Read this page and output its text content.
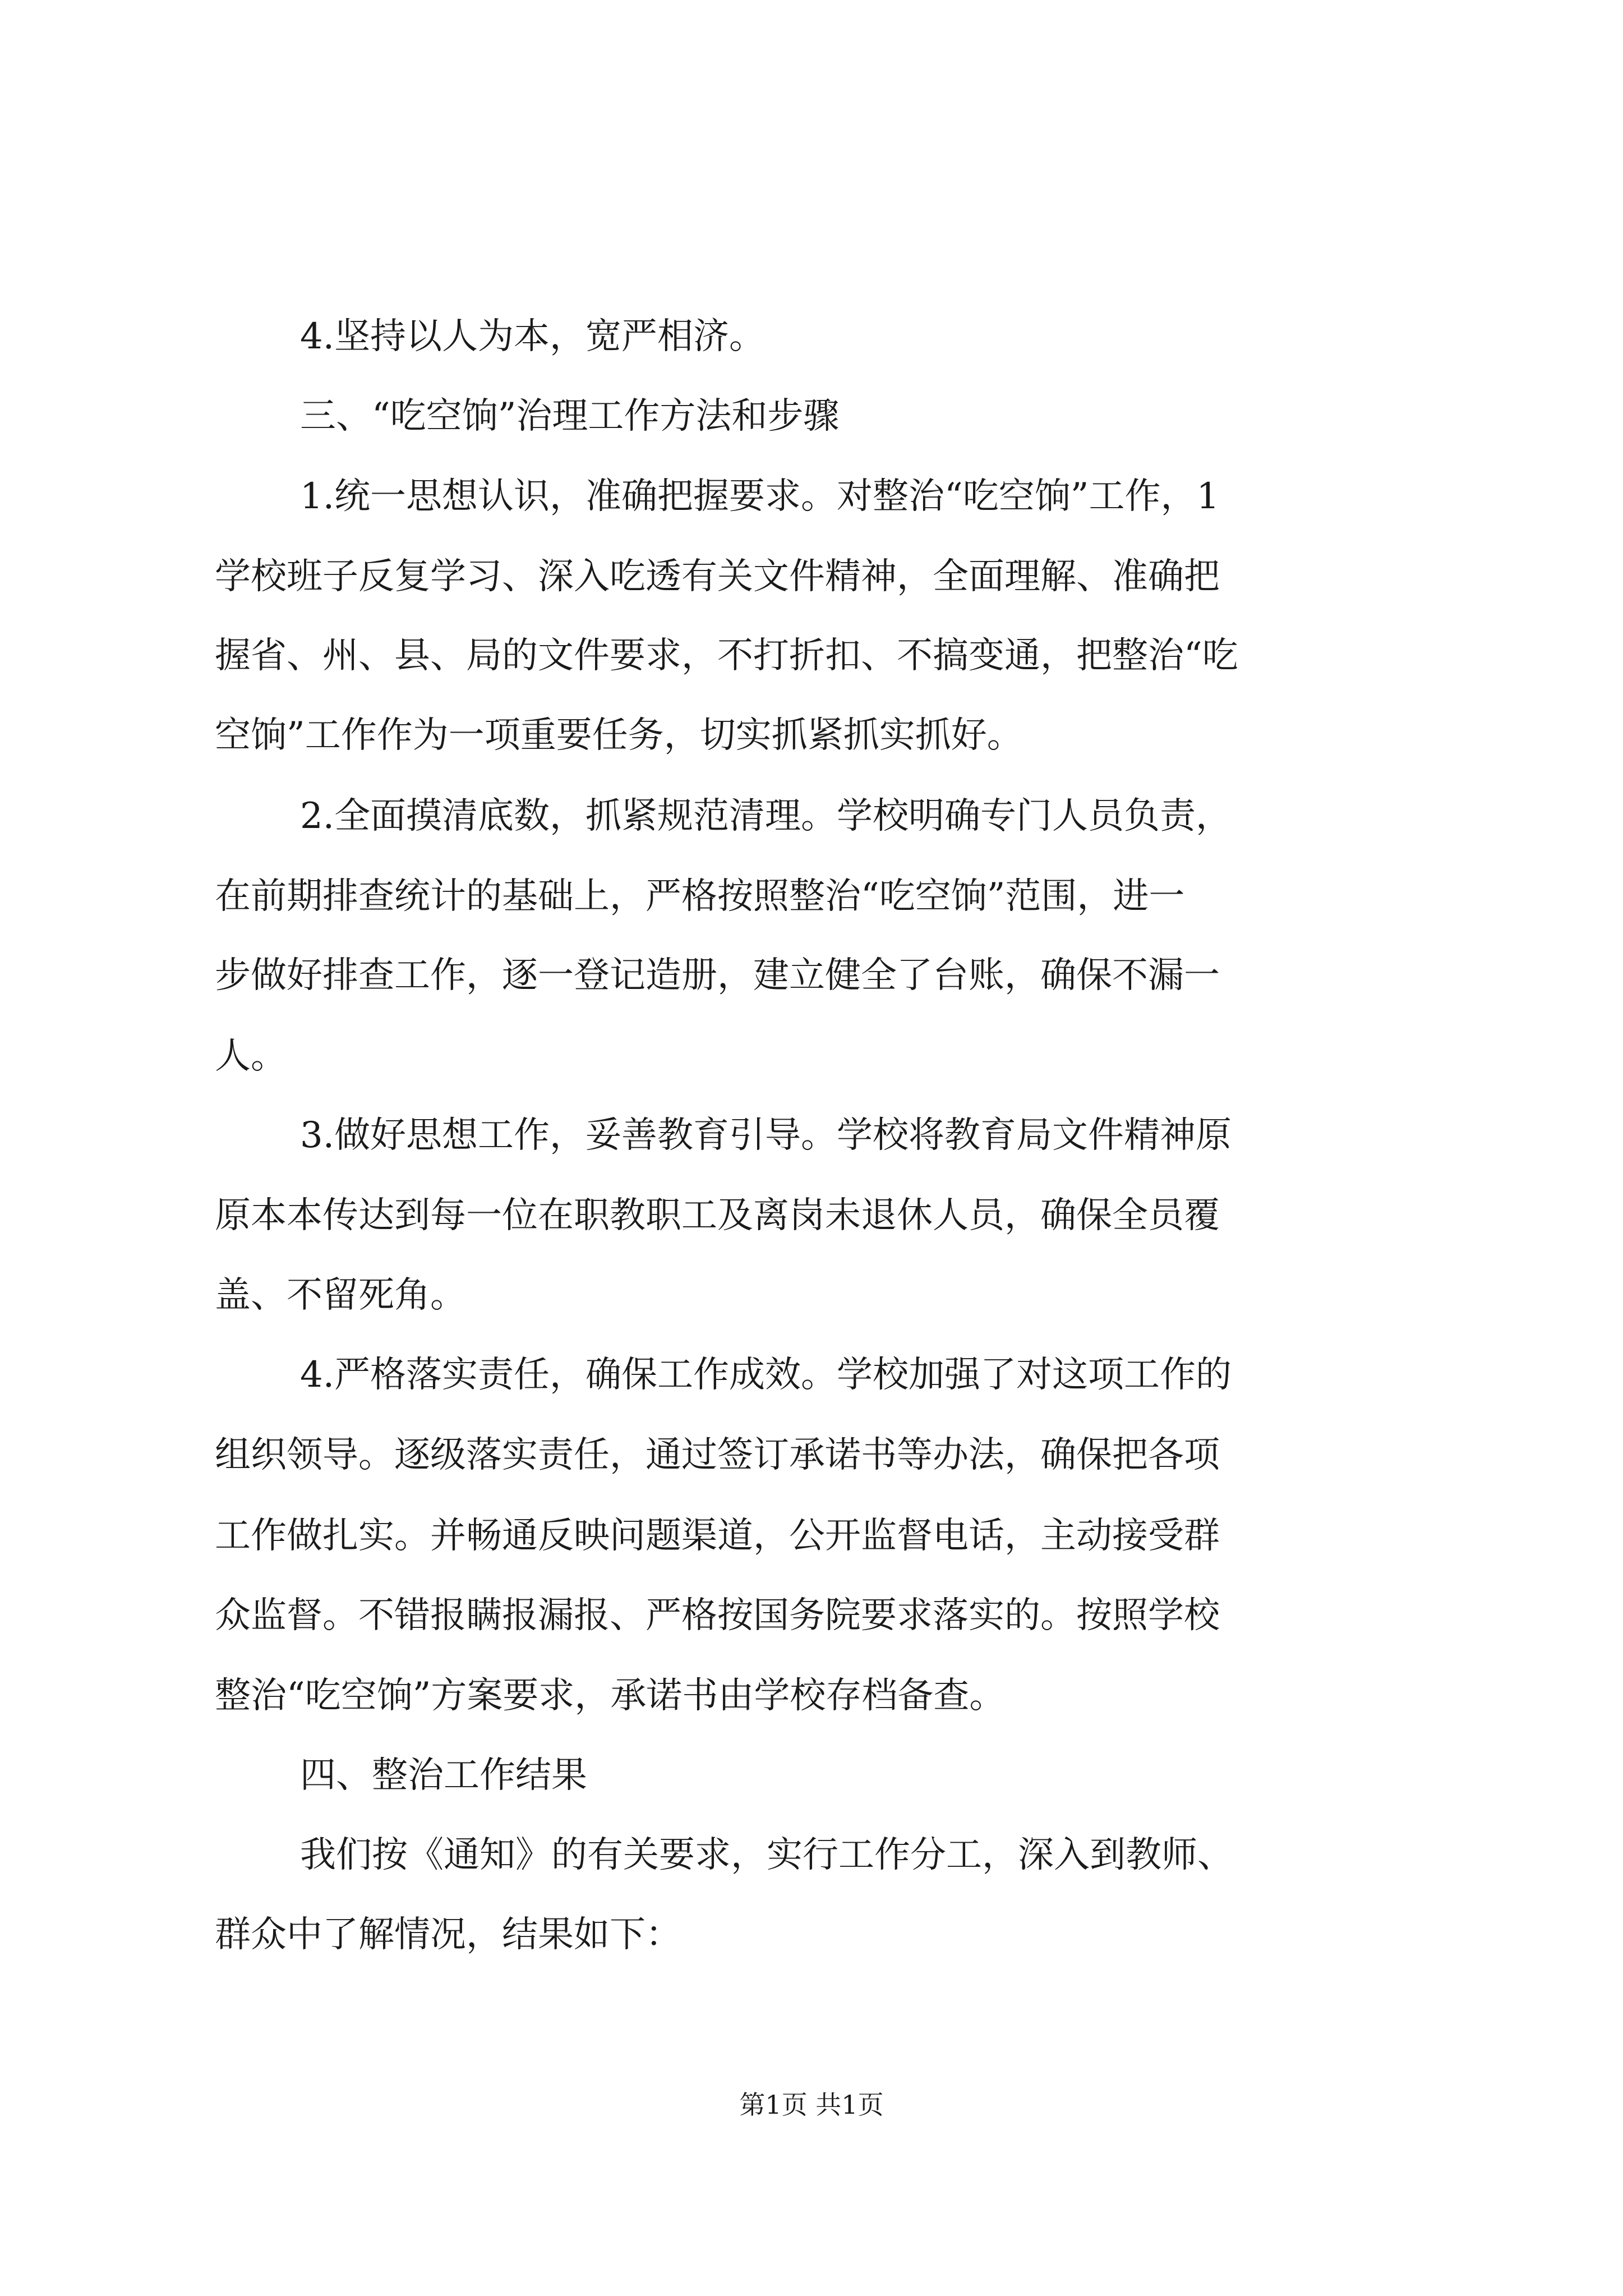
4.坚持以人为本，宽严相济。
三、“吃空饷”治理工作方法和步骤
1.统一思想认识，准确把握要求。对整治“吃空饷”工作，1
学校班子反复学习、深入吃透有关文件精神，全面理解、准确把
握省、州、县、局的文件要求，不打折扣、不搞变通，把整治“吃
空饷”工作作为一项重要任务，切实抓紧抓实抓好。
2.全面摸清底数，抓紧规范清理。学校明确专门人员负责，
在前期排查统计的基础上，严格按照整治“吃空饷”范围，进一
步做好排查工作，逐一登记造册，建立健全了台账，确保不漏一
人。
3.做好思想工作，妥善教育引导。学校将教育局文件精神原
原本本传达到每一位在职教职工及离岗未退休人员，确保全员覆
盖、不留死角。
4.严格落实责任，确保工作成效。学校加强了对这项工作的
组织领导。逐级落实责任，通过签订承诺书等办法，确保把各项
工作做扎实。并畅通反映问题渠道，公开监督电话，主动接受群
众监督。不错报瞒报漏报、严格按国务院要求落实的。按照学校
整治“吃空饷”方案要求，承诺书由学校存档备查。
四、整治工作结果
我们按《通知》的有关要求，实行工作分工，深入到教师、
群众中了解情况，结果如下：
第1页 共1页
